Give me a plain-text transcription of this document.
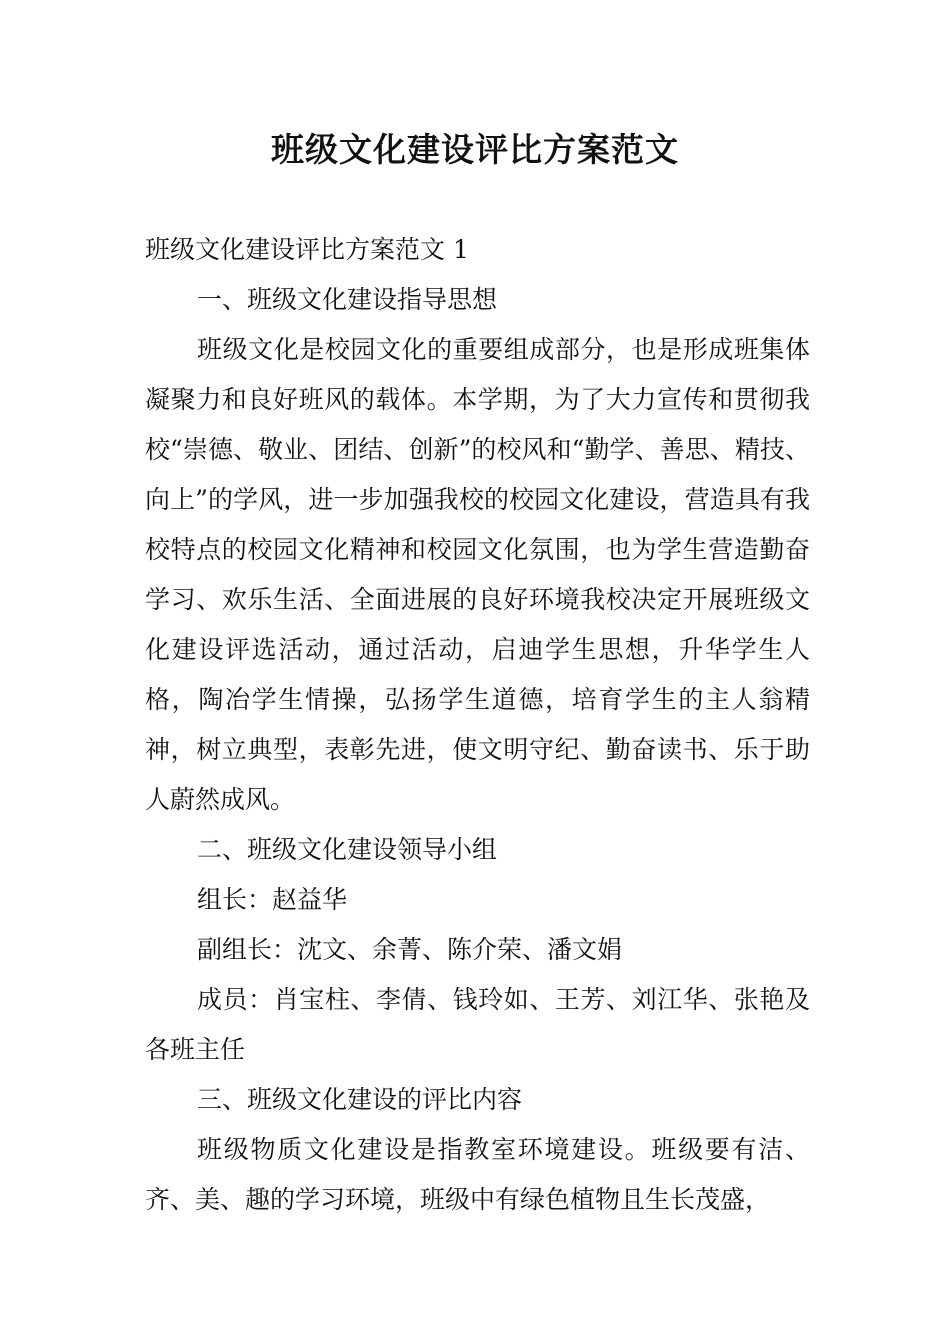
班级文化建设评比方案范文

班级文化建设评比方案范文 1

一、班级文化建设指导思想

班级文化是校园文化的重要组成部分，也是形成班集体凝聚力和良好班风的载体。本学期，为了大力宣传和贯彻我校“崇德、敬业、团结、创新”的校风和“勤学、善思、精技、向上”的学风，进一步加强我校的校园文化建设，营造具有我校特点的校园文化精神和校园文化氛围，也为学生营造勤奋学习、欢乐生活、全面进展的良好环境我校决定开展班级文化建设评选活动，通过活动，启迪学生思想，升华学生人格，陶冶学生情操，弘扬学生道德，培育学生的主人翁精神，树立典型，表彰先进，使文明守纪、勤奋读书、乐于助人蔚然成风。

二、班级文化建设领导小组

组长：赵益华

副组长：沈文、余菁、陈介荣、潘文娟

成员：肖宝柱、李倩、钱玲如、王芳、刘江华、张艳及各班主任

三、班级文化建设的评比内容

班级物质文化建设是指教室环境建设。班级要有洁、齐、美、趣的学习环境，班级中有绿色植物且生长茂盛，
